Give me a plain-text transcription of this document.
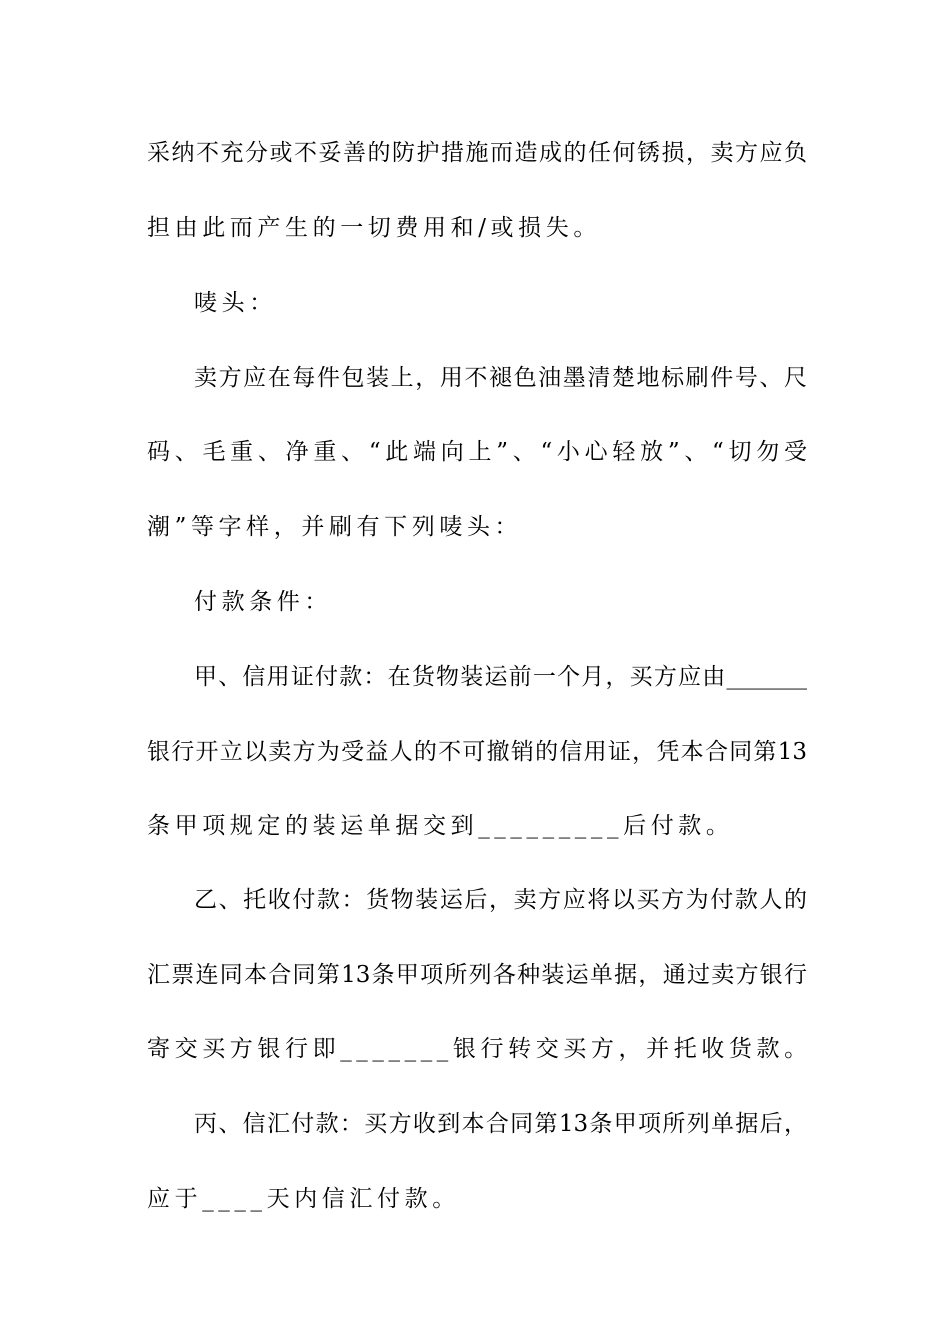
采纳不充分或不妥善的防护措施而造成的任何锈损，卖方应负
担由此而产生的一切费用和/或损失。
唛头：
卖方应在每件包装上，用不褪色油墨清楚地标刷件号、尺
码、毛重、净重、“此端向上”、“小心轻放”、“切勿受
潮”等字样，并刷有下列唛头：
付款条件：
甲、信用证付款：在货物装运前一个月，买方应由_______
银行开立以卖方为受益人的不可撤销的信用证，凭本合同第13
条甲项规定的装运单据交到_________后付款。
乙、托收付款：货物装运后，卖方应将以买方为付款人的
汇票连同本合同第13条甲项所列各种装运单据，通过卖方银行
寄交买方银行即_______银行转交买方，并托收货款。
丙、信汇付款：买方收到本合同第13条甲项所列单据后，
应于____天内信汇付款。
